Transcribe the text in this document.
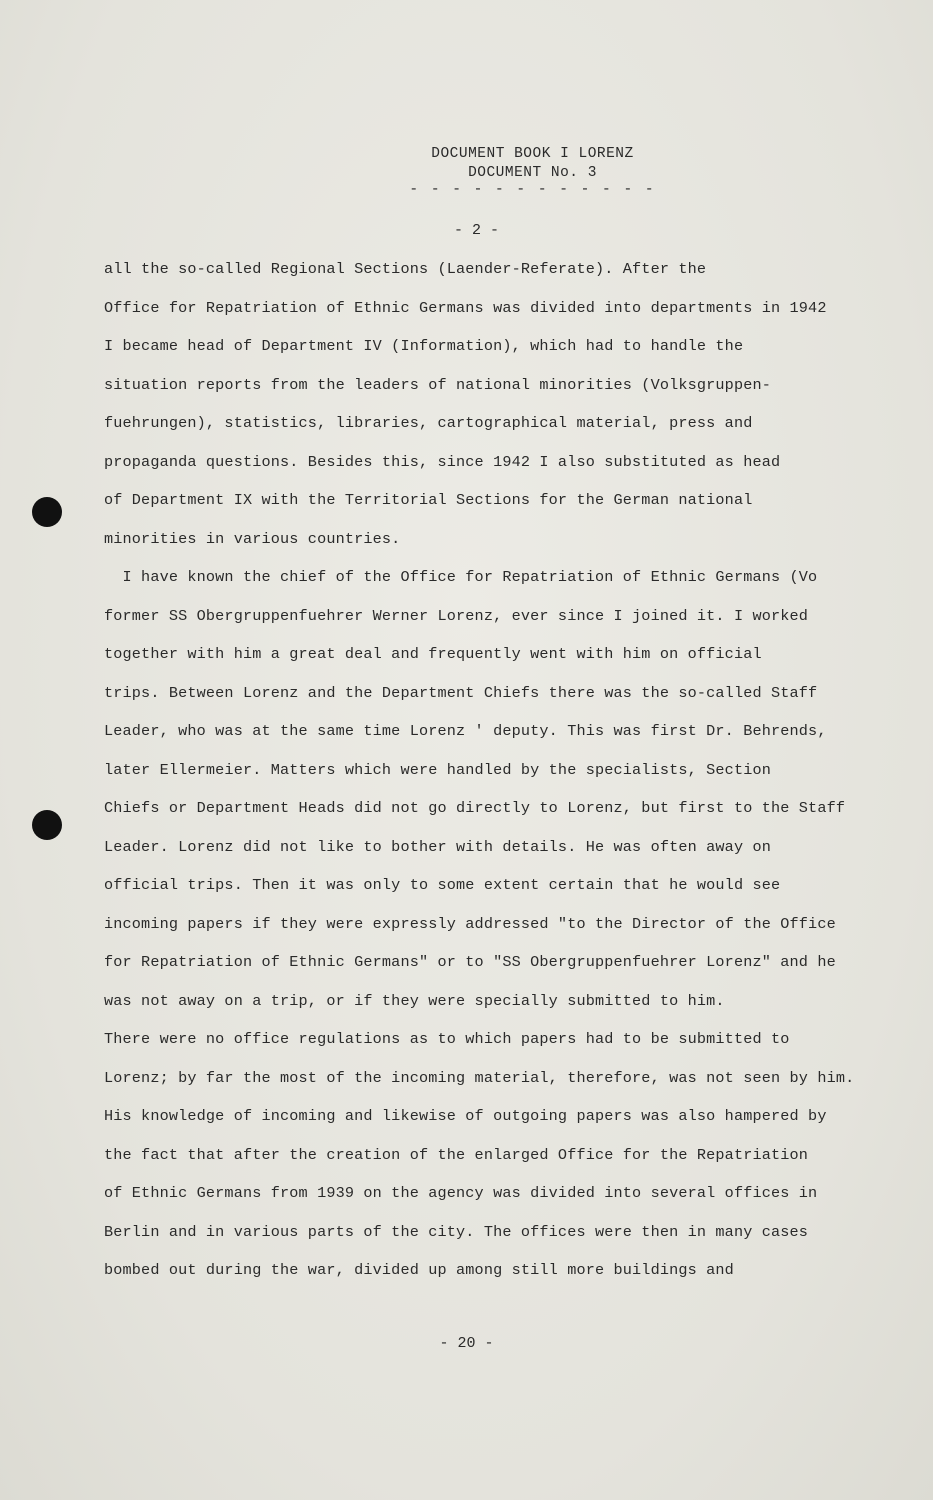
DOCUMENT BOOK I LORENZ
DOCUMENT No. 3
- - - - - - - - - - - -
- 2 -
all the so-called Regional Sections (Laender-Referate). After the
Office for Repatriation of Ethnic Germans was divided into departments in 1942
I became head of Department IV (Information), which had to handle the
situation reports from the leaders of national minorities (Volksgruppen-
fuehrungen), statistics, libraries, cartographical material, press and
propaganda questions. Besides this, since 1942 I also substituted as head
of Department IX with the Territorial Sections for the German national
minorities in various countries.
I have known the chief of the Office for Repatriation of Ethnic Germans (Vo
former SS Obergruppenfuehrer Werner Lorenz, ever since I joined it. I worked
together with him a great deal and frequently went with him on official
trips. Between Lorenz and the Department Chiefs there was the so-called Staff
Leader, who was at the same time Lorenz ' deputy. This was first Dr. Behrends,
later Ellermeier. Matters which were handled by the specialists, Section
Chiefs or Department Heads did not go directly to Lorenz, but first to the Staff
Leader. Lorenz did not like to bother with details. He was often away on
official trips. Then it was only to some extent certain that he would see
incoming papers if they were expressly addressed "to the Director of the Office
for Repatriation of Ethnic Germans" or to "SS Obergruppenfuehrer Lorenz" and he
was not away on a trip, or if they were specially submitted to him.
There were no office regulations as to which papers had to be submitted to
Lorenz; by far the most of the incoming material, therefore, was not seen by him.
His knowledge of incoming and likewise of outgoing papers was also hampered by
the fact that after the creation of the enlarged Office for the Repatriation
of Ethnic Germans from 1939 on the agency was divided into several offices in
Berlin and in various parts of the city. The offices were then in many cases
bombed out during the war, divided up among still more buildings and
- 20 -
